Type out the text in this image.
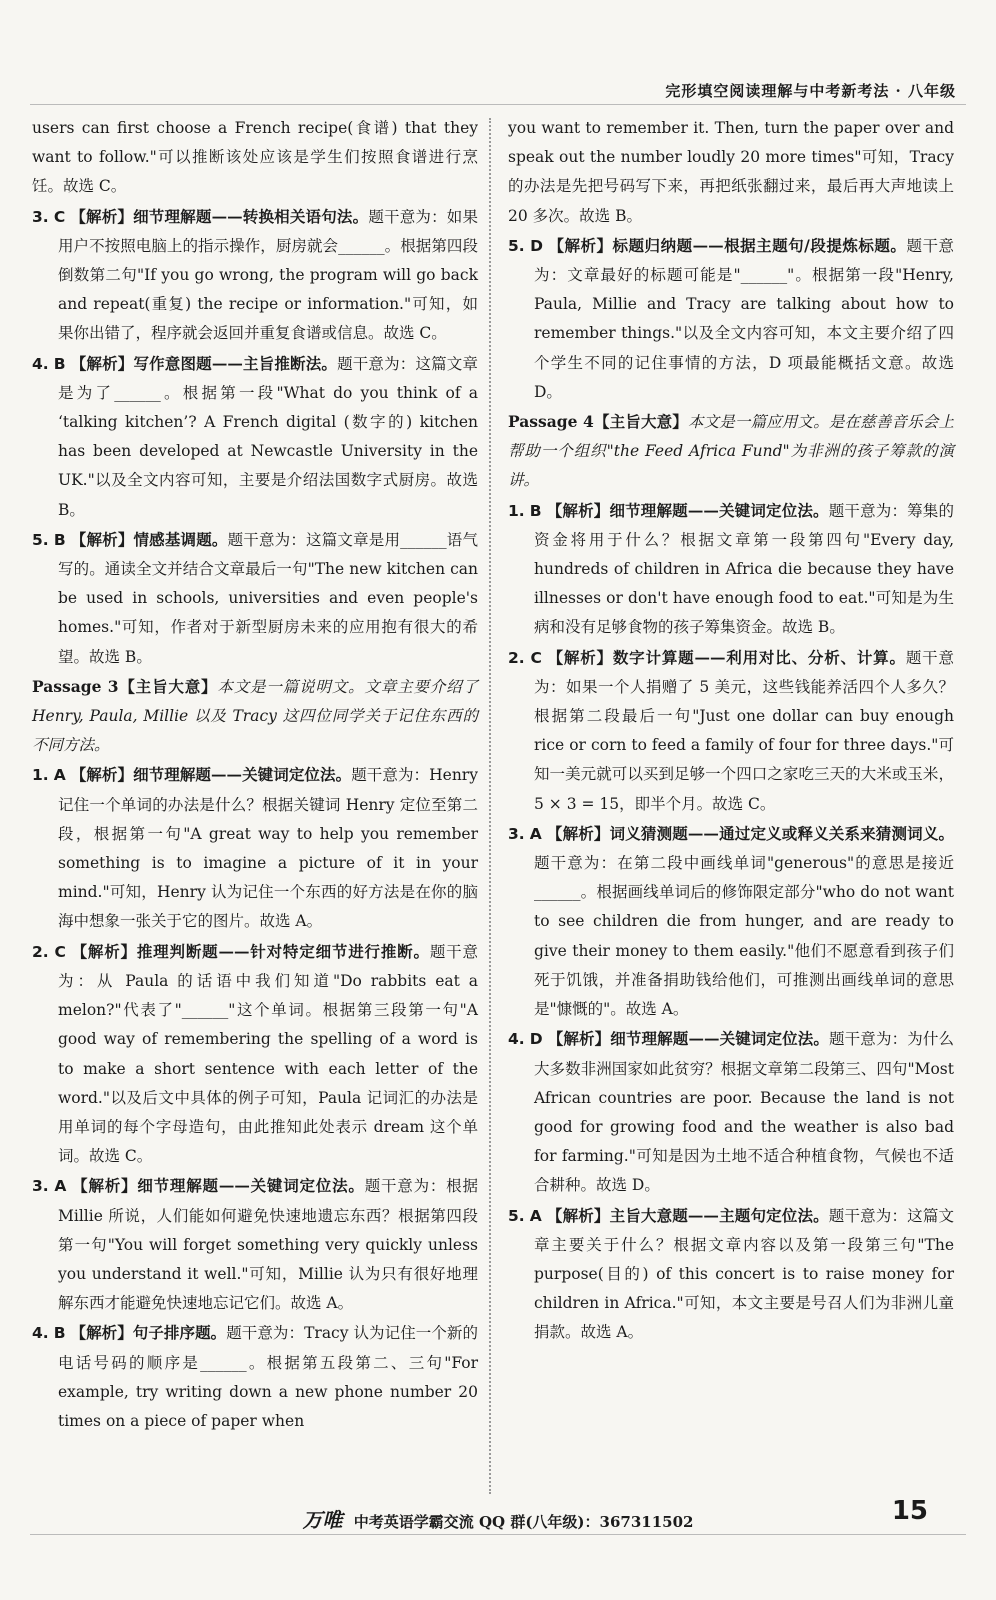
完形填空阅读理解与中考新考法 · 八年级

users can first choose a French recipe(食谱) that they want to follow."可以推断该处应该是学生们按照食谱进行烹饪。故选 C。

3. C 【解析】细节理解题——转换相关语句法。题干意为：如果用户不按照电脑上的指示操作，厨房就会______。根据第四段倒数第二句"If you go wrong, the program will go back and repeat(重复) the recipe or information."可知，如果你出错了，程序就会返回并重复食谱或信息。故选 C。

4. B 【解析】写作意图题——主旨推断法。题干意为：这篇文章是为了______。根据第一段"What do you think of a ‘talking kitchen’? A French digital (数字的) kitchen has been developed at Newcastle University in the UK."以及全文内容可知，主要是介绍法国数字式厨房。故选 B。

5. B 【解析】情感基调题。题干意为：这篇文章是用______语气写的。通读全文并结合文章最后一句"The new kitchen can be used in schools, universities and even people's homes."可知，作者对于新型厨房未来的应用抱有很大的希望。故选 B。

Passage 3【主旨大意】本文是一篇说明文。文章主要介绍了 Henry, Paula, Millie 以及 Tracy 这四位同学关于记住东西的不同方法。

1. A 【解析】细节理解题——关键词定位法。题干意为：Henry 记住一个单词的办法是什么？根据关键词 Henry 定位至第二段，根据第一句"A great way to help you remember something is to imagine a picture of it in your mind."可知，Henry 认为记住一个东西的好方法是在你的脑海中想象一张关于它的图片。故选 A。

2. C 【解析】推理判断题——针对特定细节进行推断。题干意为：从 Paula 的话语中我们知道"Do rabbits eat a melon?"代表了"______"这个单词。根据第三段第一句"A good way of remembering the spelling of a word is to make a short sentence with each letter of the word."以及后文中具体的例子可知，Paula 记词汇的办法是用单词的每个字母造句，由此推知此处表示 dream 这个单词。故选 C。

3. A 【解析】细节理解题——关键词定位法。题干意为：根据 Millie 所说，人们能如何避免快速地遗忘东西？根据第四段第一句"You will forget something very quickly unless you understand it well."可知，Millie 认为只有很好地理解东西才能避免快速地忘记它们。故选 A。

4. B 【解析】句子排序题。题干意为：Tracy 认为记住一个新的电话号码的顺序是______。根据第五段第二、三句"For example, try writing down a new phone number 20 times on a piece of paper when

you want to remember it. Then, turn the paper over and speak out the number loudly 20 more times"可知，Tracy 的办法是先把号码写下来，再把纸张翻过来，最后再大声地读上 20 多次。故选 B。

5. D 【解析】标题归纳题——根据主题句/段提炼标题。题干意为：文章最好的标题可能是"______"。根据第一段"Henry, Paula, Millie and Tracy are talking about how to remember things."以及全文内容可知，本文主要介绍了四个学生不同的记住事情的方法，D 项最能概括文意。故选 D。

Passage 4【主旨大意】本文是一篇应用文。是在慈善音乐会上帮助一个组织"the Feed Africa Fund"为非洲的孩子筹款的演讲。

1. B 【解析】细节理解题——关键词定位法。题干意为：筹集的资金将用于什么？根据文章第一段第四句"Every day, hundreds of children in Africa die because they have illnesses or don't have enough food to eat."可知是为生病和没有足够食物的孩子筹集资金。故选 B。

2. C 【解析】数字计算题——利用对比、分析、计算。题干意为：如果一个人捐赠了 5 美元，这些钱能养活四个人多久？根据第二段最后一句"Just one dollar can buy enough rice or corn to feed a family of four for three days."可知一美元就可以买到足够一个四口之家吃三天的大米或玉米，5 × 3 = 15，即半个月。故选 C。

3. A 【解析】词义猜测题——通过定义或释义关系来猜测词义。题干意为：在第二段中画线单词"generous"的意思是接近______。根据画线单词后的修饰限定部分"who do not want to see children die from hunger, and are ready to give their money to them easily."他们不愿意看到孩子们死于饥饿，并准备捐助钱给他们，可推测出画线单词的意思是"慷慨的"。故选 A。

4. D 【解析】细节理解题——关键词定位法。题干意为：为什么大多数非洲国家如此贫穷？根据文章第二段第三、四句"Most African countries are poor. Because the land is not good for growing food and the weather is also bad for farming."可知是因为土地不适合种植食物，气候也不适合耕种。故选 D。

5. A 【解析】主旨大意题——主题句定位法。题干意为：这篇文章主要关于什么？根据文章内容以及第一段第三句"The purpose(目的) of this concert is to raise money for children in Africa."可知，本文主要是号召人们为非洲儿童捐款。故选 A。

万唯 中考英语学霸交流 QQ 群(八年级)：367311502	15
